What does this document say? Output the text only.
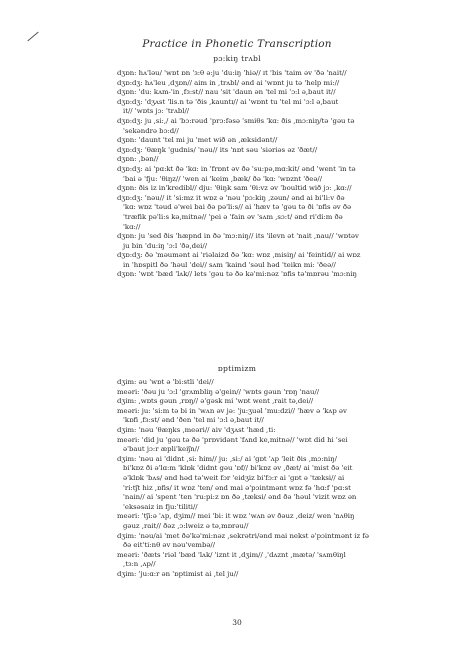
Practice in Phonetic Transcription
pɔ:kiŋ trʌbl
dʒɒn: hʌ'ləu/ 'wɒt ɒn 'ɜ:θ ə:ju 'du:iŋ 'hiə// ɪt 'bis 'taim əv 'ðə 'nait//
dʒɒ:dʒ: hʌ'leu ,dʒɒn// aim in ,trʌbl/ ənd ai 'wɒnt ju tə 'help mi://
dʒɒn: 'du: kʌm-'in ,fɜ:st// nau 'sit 'daun ən 'tel mi 'ɔ:l ə,baut it//
dʒɒ:dʒ: 'dʒʌst 'lis.n tə 'ðis ,kauntɪ// ai 'wɒnt tu 'tel mi 'ɔ:l ə,baut
it// 'wɒts jɔ: 'trʌbl//
dʒɒ:dʒ: ju ,si:,/ ai 'bɔ:rəud 'prɔ:fəsə 'smiθs 'kɑ: ðis ,mɔ:niŋ/tə 'gəu tə
'sekəndrə bɔ:d//
dʒɒn: 'daunt 'tel mi ju 'met wið ən ,æksidənt//
dʒɒ:dʒ: 'θæŋk 'gudnis/ 'nəu// its 'nɒt səu 'siəriəs əz 'ðæt//
dʒɒn: ,bən//
dʒɒ:dʒ: ai 'pɑ:kt ðə 'kɑ: in 'frɒnt əv ðə 'su:pə,mɑ:kit/ ənd 'went 'in tə
'bai ə 'fju: 'θiŋz// 'wen ai 'keim ,bæk/ ðə 'kɑ: 'wɒznt 'ðeə//
dʒɒn: ðis iz in'kredibl// dju: 'θiŋk sam 'θi:vz əv 'boultid wið jɔ: ,kɑ://
dʒɒ:dʒ: 'nəu// it 'si:mz it wɒz ə 'nəu 'pɔ:kiŋ ,zəun/ ənd ai bi'li:v ðə
'kɑ: wɒz 'təud ə'wei bai ðə pə'li:s// ai 'hæv tə 'gəu tə ði 'ɒfis əv ðə
'træfik pə'li:s kə,mitnə// 'pei ə 'fain əv 'sʌm ,sɔ:t/ ənd ri'di:m ðə
'kɑ://
dʒɒn: ju 'sed ðis 'hæpnd in ðə 'mɔ:niŋ// its 'ilevn ət 'nait ,nau// 'wɒtəv
ju bin 'du:iŋ 'ɔ:l 'ðə,dei//
dʒɒ:dʒ: ðə 'məumənt ai 'riəlaizd ðə 'kɑ: wɒz ,misiŋ/ ai 'feintid// ai wɒz
in 'hɒspitl ðə 'həul 'dei// sʌm 'kaind 'səul həd 'teikn mi: 'ðeə//
dʒɒn: 'wɒt 'bæd 'lʌk// lets 'gəu tə ðə kə'mi:nəz 'ɒfis tə'mɒrəu 'mɔ:niŋ
ɒptimizm
dʒim: əu 'wɒt ə 'bi:stli 'dei//
meəri: 'ðəu ju 'ɔ:l 'grʌmbliŋ ə'gein// 'wɒts gəun 'rɒŋ 'nau//
dʒim: ,wɒts gəun ,rɒŋ// ə'ɡəsk mi 'wɒt went ,rait tə,dei//
meəri: ju: 'si:m tə bi in 'wʌn əv jə: 'ju:ʒuəl 'mu:dzi// 'hæv ə 'kʌp əv
'kɒfi ,fɜ:st/ ənd 'ðen 'tel mi 'ɔ:l ə,baut it//
dʒim: 'nəu 'θæŋks ,meəri// aiv 'dʒʌst 'hæd ,ti:
meəri: 'did ju 'gəu tə ðə 'prɒvidənt 'fʌnd ke,mitnə// 'wɒt did hi 'sei
ə'baut jɔ:r æpli'keiʃn//
dʒim: 'nəu ai 'didnt ,si: him// ju: ,si:/ ai 'gɒt 'ʌp 'leit ðis ,mɔ:niŋ/
bi'kɒz ði ə'lɑ:m 'klɒk 'didnt gəu 'ɒf// bi'kɒz əv ,ðæt/ ai 'mist ðə 'eit
ə'klɒk 'bʌs/ ənd həd tə'weit fɔr 'eidʒiz bi'fɔ:r ai 'gɒt ə 'tæksi// ai
'ri:tʃt hiz ,ɒfis/ it wɒz 'ten/ ənd mai ə'pɔintmənt wɒz fə 'hɑ:f 'pɑ:st
'nain// ai 'spent 'ten 'ru:pi:z ɒn ðə ,tæksi/ ənd ðə 'həul 'vizit wɒz ən
'eksəsaiz in fju:'tiliti//
meəri: 'tʃi:ə 'ʌp, dʒim// mei 'bi: it wɒz 'wʌn əv ðəuz ,deiz/ wen 'nʌθiŋ
gəuz ,rait// ðəz ,ɔ:lweiz ə tə,mɒrəu//
dʒim: 'nəu/ai 'met ðə'kə'mi:nəz ,sekrətri/ənd mai nekst ə'pɔintmənt iz fə
ðə eit'ti:nθ əv nəu'vembə//
meəri: 'ðæts 'riəl 'bæd 'lʌk/ 'iznt it ,dʒim// ,'dʌznt ,mætə/ 'sʌmθiŋl
,tɜ:n ,ʌp//
dʒim: 'ju:ɑ:r ən 'ɒptimist ai ,tel ju//
30
